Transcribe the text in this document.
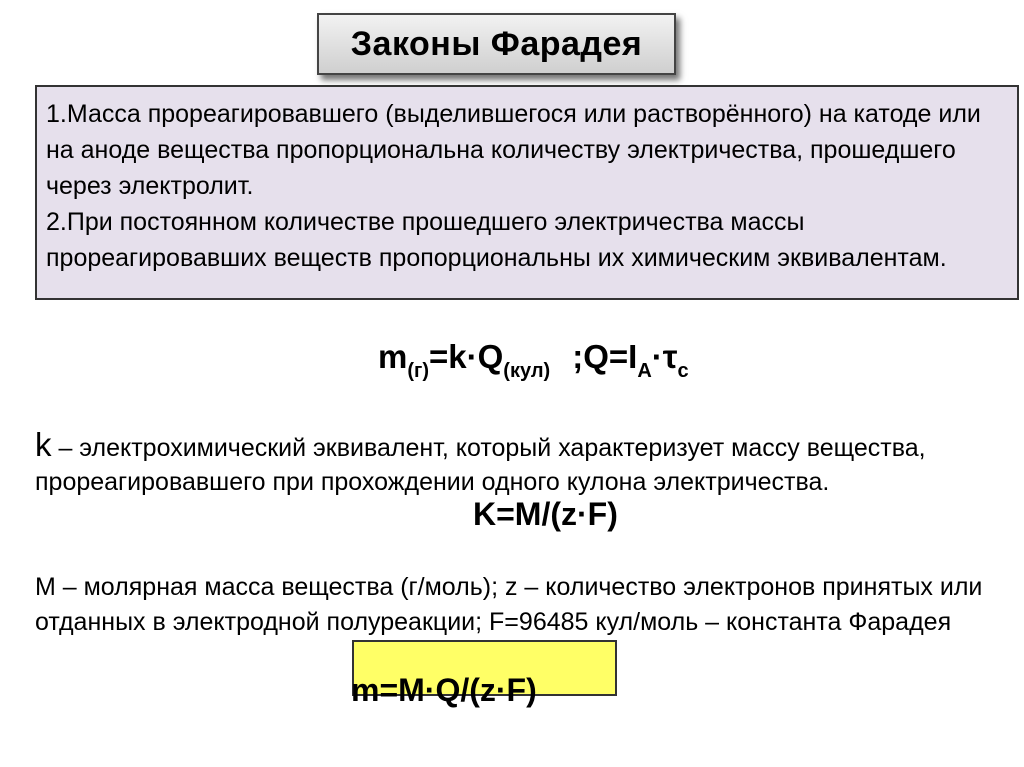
Законы Фарадея
1.Масса прореагировавшего (выделившегося или растворённого) на катоде или на аноде вещества пропорциональна количеству электричества, прошедшего через электролит.
2.При постоянном количестве прошедшего электричества массы прореагировавших веществ пропорциональны их химическим эквивалентам.
$m_{(г)}=k\cdot Q_{(кул)}$ $;Q=I_A\cdot\tau_c$
k – электрохимический эквивалент, который характеризует массу вещества, прореагировавшего при прохождении одного кулона электричества.
K=M/(z·F)
M – молярная масса вещества (г/моль); z – количество электронов принятых или отданных в электродной полуреакции; F=96485 кул/моль – константа Фарадея
m=M·Q/(z·F)
